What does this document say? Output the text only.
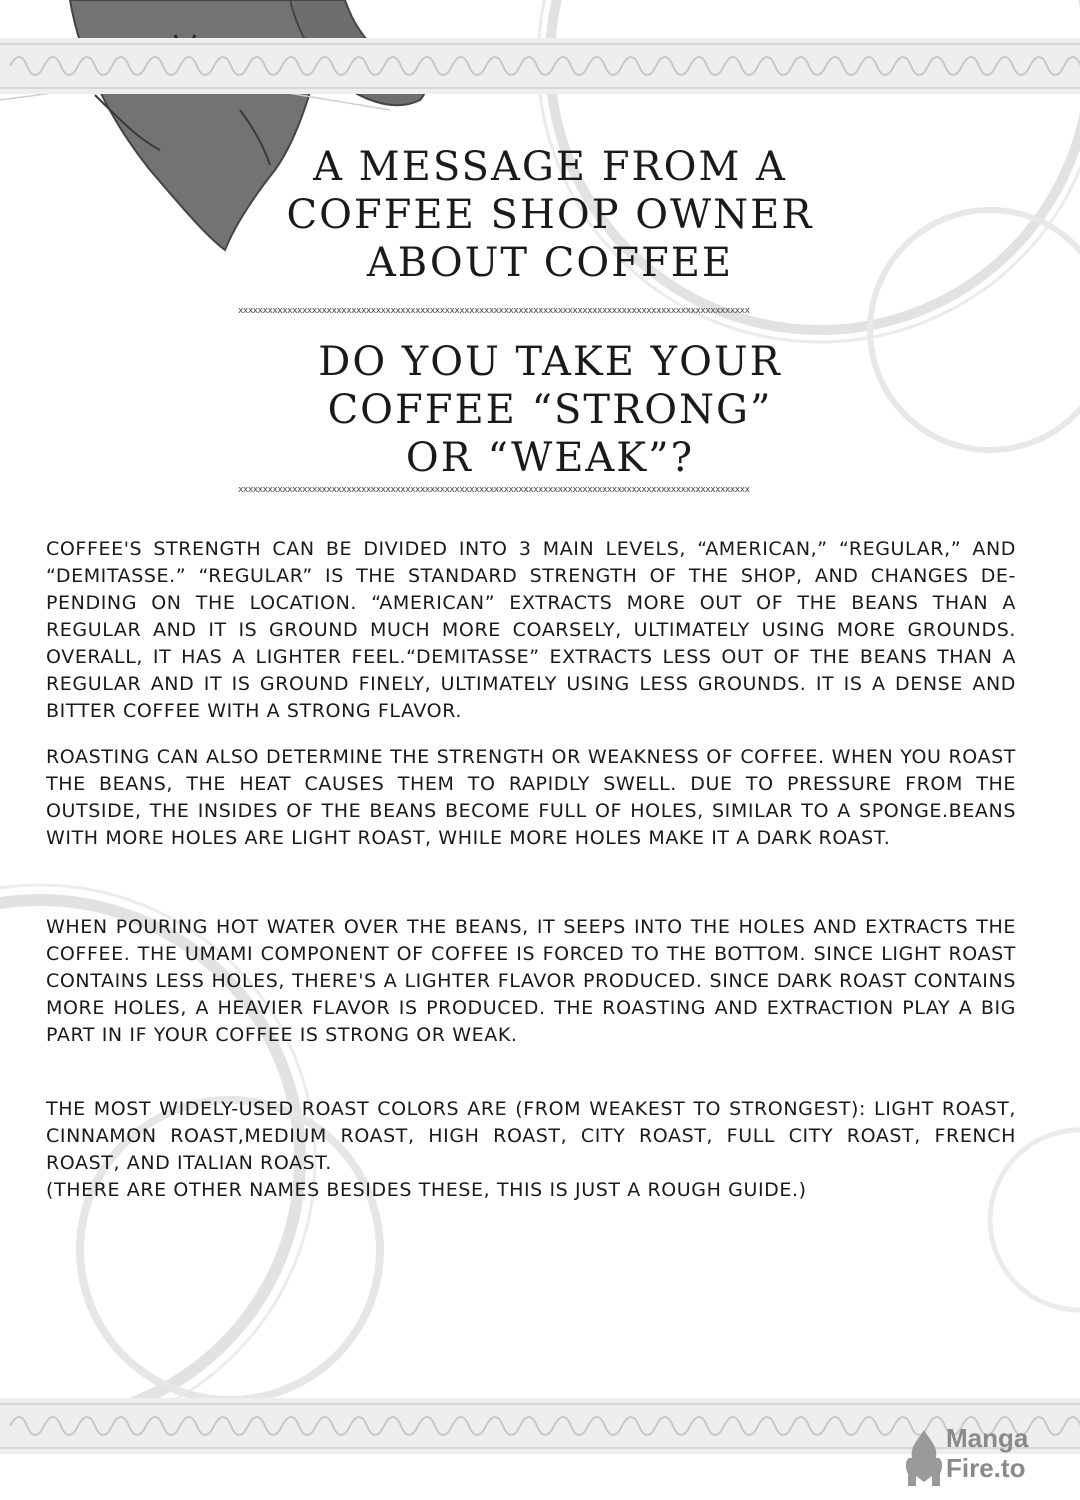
A MESSAGE FROM A
COFFEE SHOP OWNER
ABOUT COFFEE
xxxxxxxxxxxxxxxxxxxxxxxxxxxxxxxxxxxxxxxxxxxxxxxxxxxxxxxxxxxxxxxxxxxxxxxxxxxxxxxxxxxxxxxxxxxxxxxxxxxxxxxx
DO YOU TAKE YOUR
COFFEE “STRONG”
OR “WEAK”?
xxxxxxxxxxxxxxxxxxxxxxxxxxxxxxxxxxxxxxxxxxxxxxxxxxxxxxxxxxxxxxxxxxxxxxxxxxxxxxxxxxxxxxxxxxxxxxxxxxxxxxxx
COFFEE'S STRENGTH CAN BE DIVIDED INTO 3 MAIN LEVELS, “AMERICAN,” “REGULAR,” AND “DEMITASSE.” “REGULAR” IS THE STANDARD STRENGTH OF THE SHOP, AND CHANGES DE-PENDING ON THE LOCATION. “AMERICAN” EXTRACTS MORE OUT OF THE BEANS THAN A REGULAR AND IT IS GROUND MUCH MORE COARSELY, ULTIMATELY USING MORE GROUNDS. OVERALL, IT HAS A LIGHTER FEEL.“DEMITASSE” EXTRACTS LESS OUT OF THE BEANS THAN A REGULAR AND IT IS GROUND FINELY, ULTIMATELY USING LESS GROUNDS. IT IS A DENSE AND BITTER COFFEE WITH A STRONG FLAVOR.
ROASTING CAN ALSO DETERMINE THE STRENGTH OR WEAKNESS OF COFFEE. WHEN YOU ROAST THE BEANS, THE HEAT CAUSES THEM TO RAPIDLY SWELL. DUE TO PRESSURE FROM THE OUTSIDE, THE INSIDES OF THE BEANS BECOME FULL OF HOLES, SIMILAR TO A SPONGE.BEANS WITH MORE HOLES ARE LIGHT ROAST, WHILE MORE HOLES MAKE IT A DARK ROAST.
WHEN POURING HOT WATER OVER THE BEANS, IT SEEPS INTO THE HOLES AND EXTRACTS THE COFFEE. THE UMAMI COMPONENT OF COFFEE IS FORCED TO THE BOTTOM. SINCE LIGHT ROAST CONTAINS LESS HOLES, THERE'S A LIGHTER FLAVOR PRODUCED. SINCE DARK ROAST CONTAINS MORE HOLES, A HEAVIER FLAVOR IS PRODUCED. THE ROASTING AND EXTRACTION PLAY A BIG PART IN IF YOUR COFFEE IS STRONG OR WEAK.
THE MOST WIDELY-USED ROAST COLORS ARE (FROM WEAKEST TO STRONGEST): LIGHT ROAST, CINNAMON ROAST,MEDIUM ROAST, HIGH ROAST, CITY ROAST, FULL CITY ROAST, FRENCH ROAST, AND ITALIAN ROAST.
(THERE ARE OTHER NAMES BESIDES THESE, THIS IS JUST A ROUGH GUIDE.)
Manga
Fire.to
